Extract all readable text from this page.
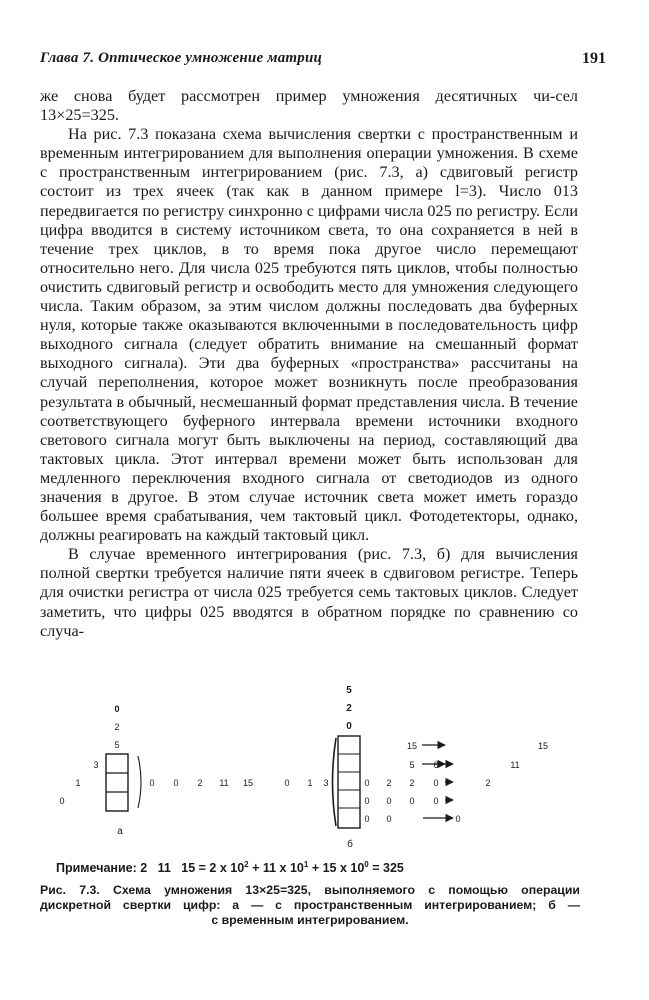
Глава 7. Оптическое умножение матриц	191

же снова будет рассмотрен пример умножения десятичных чи-сел 13×25=325.

На рис. 7.3 показана схема вычисления свертки с пространственным и временным интегрированием для выполнения операции умножения. В схеме с пространственным интегрированием (рис. 7.3, а) сдвиговый регистр состоит из трех ячеек (так как в данном примере l=3). Число 013 передвигается по регистру синхронно с цифрами числа 025 по регистру. Если цифра вводится в систему источником света, то она сохраняется в ней в течение трех циклов, в то время пока другое число перемещают относительно него. Для числа 025 требуются пять циклов, чтобы полностью очистить сдвиговый регистр и освободить место для умножения следующего числа. Таким образом, за этим числом должны последовать два буферных нуля, которые также оказываются включенными в последовательность цифр выходного сигнала (следует обратить внимание на смешанный формат выходного сигнала). Эти два буферных «пространства» рассчитаны на случай переполнения, которое может возникнуть после преобразования результата в обычный, несмешанный формат представления числа. В течение соответствующего буферного интервала времени источники входного светового сигнала могут быть выключены на период, составляющий два тактовых цикла. Этот интервал времени может быть использован для медленного переключения входного сигнала от светодиодов из одного значения в другое. В этом случае источник света может иметь гораздо большее время срабатывания, чем тактовый цикл. Фотодетекторы, однако, должны реагировать на каждый тактовый цикл.

В случае временного интегрирования (рис. 7.3, б) для вычисления полной свертки требуется наличие пяти ячеек в сдвиговом регистре. Теперь для очистки регистра от числа 025 требуется семь тактовых циклов. Следует заметить, что цифры 025 вводятся в обратном порядке по сравнению со случа-

0
2
5
3
1
0
0 0 2 11 15
а
5
2
0
0 1 3	0
0
0
2
0
0
15
5
2
0
6
0
0
0
15
11
2
б
Примечание: 2   11   15 = 2 x $10^2 + 11$ x $10^1 + 15$ x $10^0 = 325$
Рис. 7.3. Схема умножения 13×25=325, выполняемого с помощью операции
дискретной свертки цифр: а — с пространственным интегрированием; б —
с временным интегрированием.
